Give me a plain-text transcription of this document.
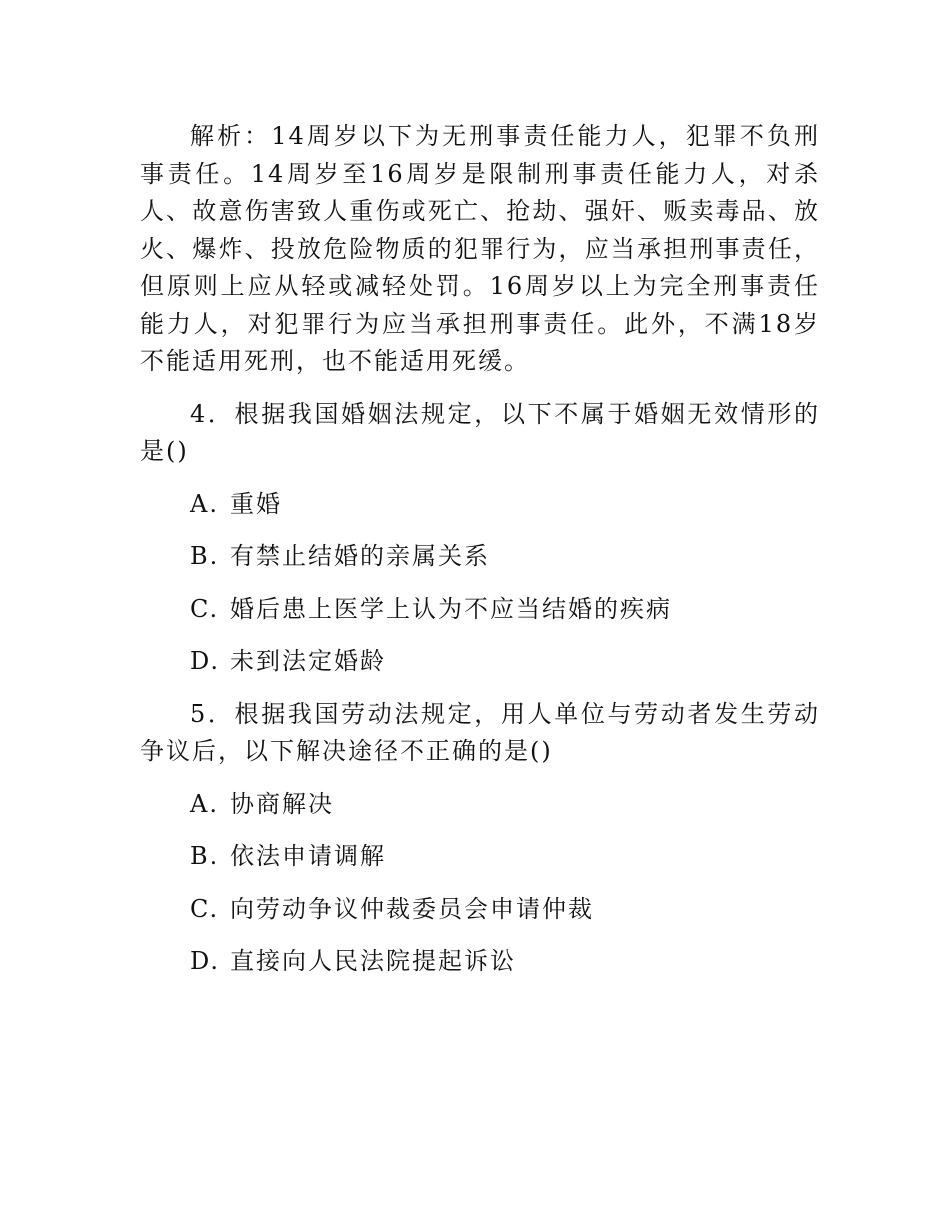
解析：14周岁以下为无刑事责任能力人，犯罪不负刑事责任。14周岁至16周岁是限制刑事责任能力人，对杀人、故意伤害致人重伤或死亡、抢劫、强奸、贩卖毒品、放火、爆炸、投放危险物质的犯罪行为，应当承担刑事责任，但原则上应从轻或减轻处罚。16周岁以上为完全刑事责任能力人，对犯罪行为应当承担刑事责任。此外，不满18岁不能适用死刑，也不能适用死缓。

4．根据我国婚姻法规定，以下不属于婚姻无效情形的是()

A. 重婚
B. 有禁止结婚的亲属关系
C. 婚后患上医学上认为不应当结婚的疾病
D. 未到法定婚龄

5．根据我国劳动法规定，用人单位与劳动者发生劳动争议后，以下解决途径不正确的是()

A. 协商解决
B. 依法申请调解
C. 向劳动争议仲裁委员会申请仲裁
D. 直接向人民法院提起诉讼
